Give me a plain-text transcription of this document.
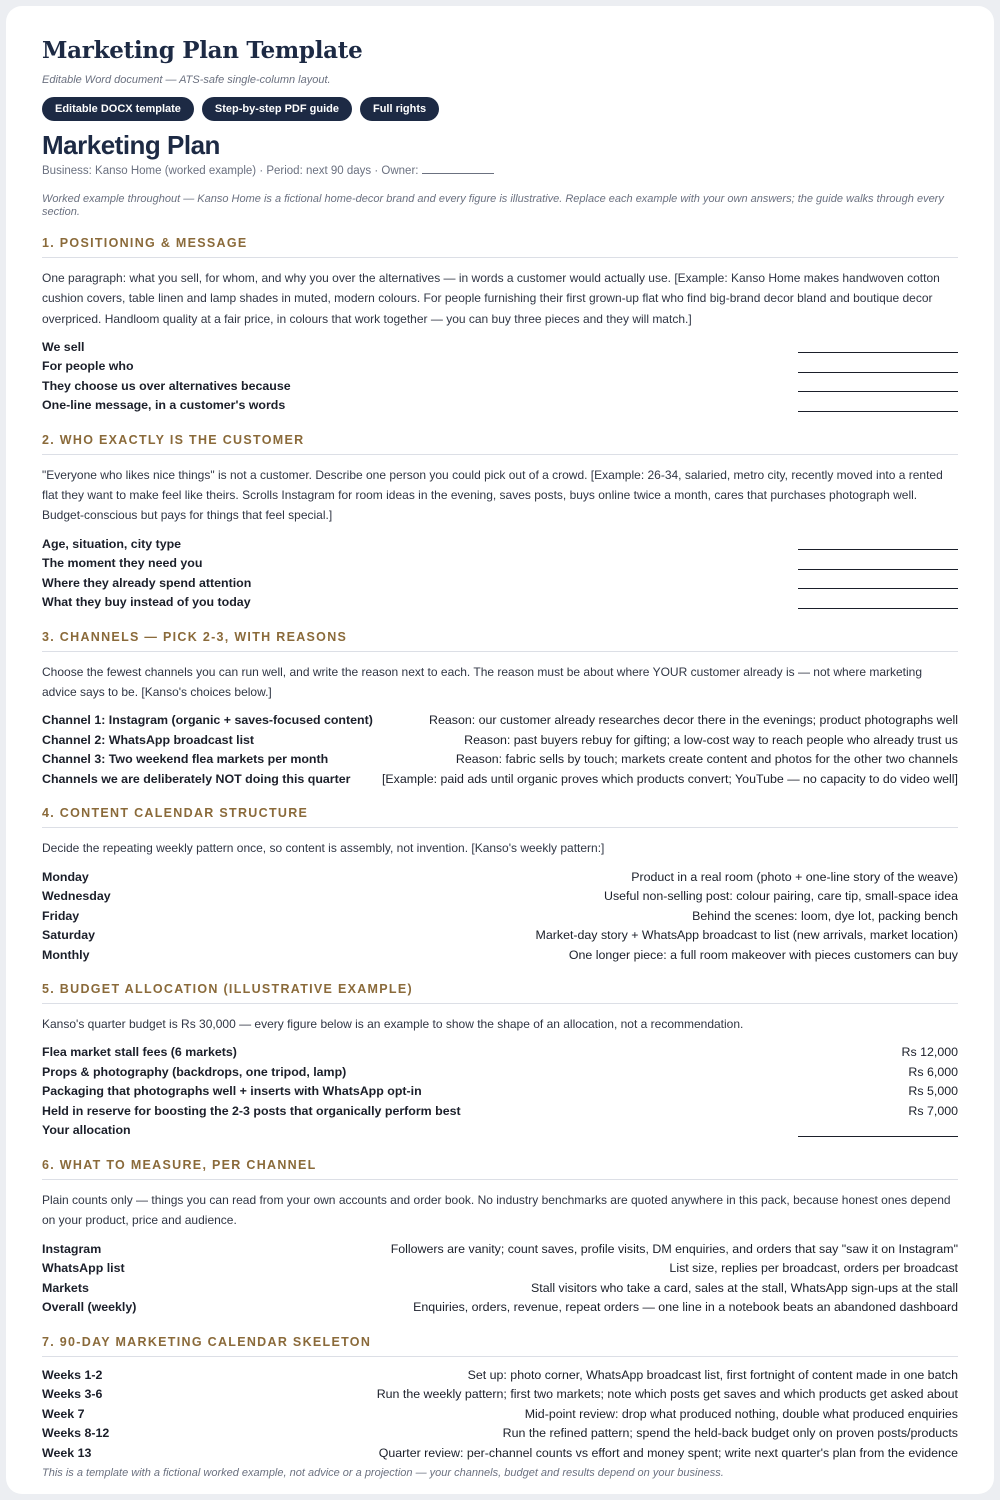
Marketing Plan Template
Editable Word document — ATS-safe single-column layout.
Editable DOCX template	Step-by-step PDF guide	Full rights
Marketing Plan
Business: Kanso Home (worked example) · Period: next 90 days · Owner:
Worked example throughout — Kanso Home is a fictional home-decor brand and every figure is illustrative. Replace each example with your own answers; the guide walks through every section.
1. POSITIONING & MESSAGE
One paragraph: what you sell, for whom, and why you over the alternatives — in words a customer would actually use. [Example: Kanso Home makes handwoven cotton cushion covers, table linen and lamp shades in muted, modern colours. For people furnishing their first grown-up flat who find big-brand decor bland and boutique decor overpriced. Handloom quality at a fair price, in colours that work together — you can buy three pieces and they will match.]
We sell
For people who
They choose us over alternatives because
One-line message, in a customer's words
2. WHO EXACTLY IS THE CUSTOMER
"Everyone who likes nice things" is not a customer. Describe one person you could pick out of a crowd. [Example: 26-34, salaried, metro city, recently moved into a rented flat they want to make feel like theirs. Scrolls Instagram for room ideas in the evening, saves posts, buys online twice a month, cares that purchases photograph well. Budget-conscious but pays for things that feel special.]
Age, situation, city type
The moment they need you
Where they already spend attention
What they buy instead of you today
3. CHANNELS — PICK 2-3, WITH REASONS
Choose the fewest channels you can run well, and write the reason next to each. The reason must be about where YOUR customer already is — not where marketing advice says to be. [Kanso's choices below.]
Channel 1: Instagram (organic + saves-focused content)	Reason: our customer already researches decor there in the evenings; product photographs well
Channel 2: WhatsApp broadcast list	Reason: past buyers rebuy for gifting; a low-cost way to reach people who already trust us
Channel 3: Two weekend flea markets per month	Reason: fabric sells by touch; markets create content and photos for the other two channels
Channels we are deliberately NOT doing this quarter	[Example: paid ads until organic proves which products convert; YouTube — no capacity to do video well]
4. CONTENT CALENDAR STRUCTURE
Decide the repeating weekly pattern once, so content is assembly, not invention. [Kanso's weekly pattern:]
Monday	Product in a real room (photo + one-line story of the weave)
Wednesday	Useful non-selling post: colour pairing, care tip, small-space idea
Friday	Behind the scenes: loom, dye lot, packing bench
Saturday	Market-day story + WhatsApp broadcast to list (new arrivals, market location)
Monthly	One longer piece: a full room makeover with pieces customers can buy
5. BUDGET ALLOCATION (ILLUSTRATIVE EXAMPLE)
Kanso's quarter budget is Rs 30,000 — every figure below is an example to show the shape of an allocation, not a recommendation.
Flea market stall fees (6 markets)	Rs 12,000
Props & photography (backdrops, one tripod, lamp)	Rs 6,000
Packaging that photographs well + inserts with WhatsApp opt-in	Rs 5,000
Held in reserve for boosting the 2-3 posts that organically perform best	Rs 7,000
Your allocation
6. WHAT TO MEASURE, PER CHANNEL
Plain counts only — things you can read from your own accounts and order book. No industry benchmarks are quoted anywhere in this pack, because honest ones depend on your product, price and audience.
Instagram	Followers are vanity; count saves, profile visits, DM enquiries, and orders that say "saw it on Instagram"
WhatsApp list	List size, replies per broadcast, orders per broadcast
Markets	Stall visitors who take a card, sales at the stall, WhatsApp sign-ups at the stall
Overall (weekly)	Enquiries, orders, revenue, repeat orders — one line in a notebook beats an abandoned dashboard
7. 90-DAY MARKETING CALENDAR SKELETON
Weeks 1-2	Set up: photo corner, WhatsApp broadcast list, first fortnight of content made in one batch
Weeks 3-6	Run the weekly pattern; first two markets; note which posts get saves and which products get asked about
Week 7	Mid-point review: drop what produced nothing, double what produced enquiries
Weeks 8-12	Run the refined pattern; spend the held-back budget only on proven posts/products
Week 13	Quarter review: per-channel counts vs effort and money spent; write next quarter's plan from the evidence
This is a template with a fictional worked example, not advice or a projection — your channels, budget and results depend on your business.
